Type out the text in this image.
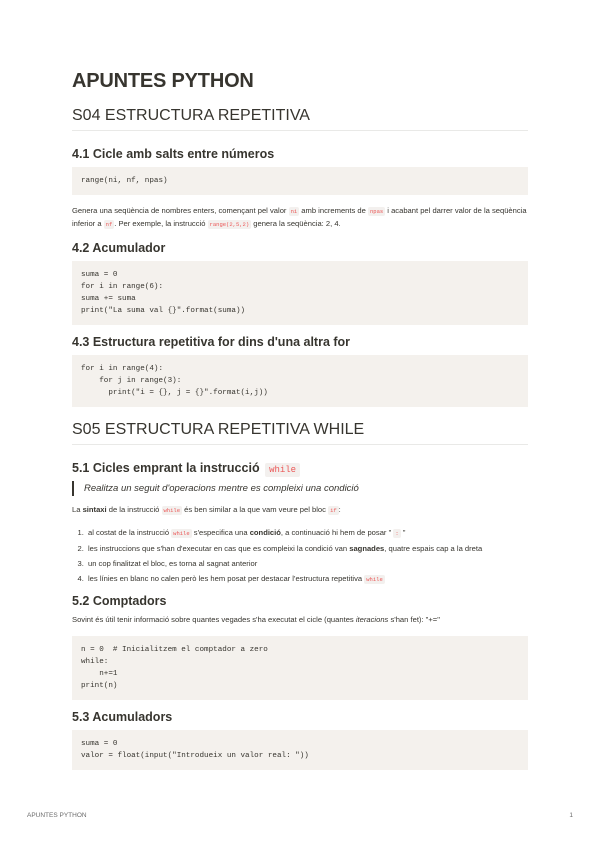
APUNTES PYTHON
S04 ESTRUCTURA REPETITIVA
4.1 Cicle amb salts entre números
range(ni, nf, npas)

Genera una seqüència de nombres enters, començant pel valor ni amb increments de npas i acabant pel darrer valor de la seqüència inferior a nf . Per exemple, la instrucció range(2,5,2) genera la seqüència: 2, 4.

4.2 Acumulador
suma = 0
for i in range(6):
suma += suma
print("La suma val {}".format(suma))
4.3 Estructura repetitiva for dins d'una altra for
for i in range(4):
for j in range(3):
print("i = {}, j = {}".format(i,j))
S05 ESTRUCTURA REPETITIVA WHILE
5.1 Cicles emprant la instrucció while
Realitza un seguit d'operacions mentre es compleixi una condició

La sintaxi de la instrucció while és ben similar a la que vam veure pel bloc if :

1. al costat de la instrucció while s'especifica una condició, a continuació hi hem de posar " : "
2. les instruccions que s'han d'executar en cas que es compleixi la condició van sagnades, quatre espais cap a la dreta
3. un cop finalitzat el bloc, es torna al sagnat anterior
4. les línies en blanc no calen però les hem posat per destacar l'estructura repetitiva while
5.2 Comptadors

Sovint és útil tenir informació sobre quantes vegades s'ha executat el cicle (quantes iteracions s'han fet): "+="

n = 0  # Inicialitzem el comptador a zero
while:
n+=1
print(n)
5.3 Acumuladors
suma = 0
valor = float(input("Introdueix un valor real: "))
APUNTES PYTHON	1
